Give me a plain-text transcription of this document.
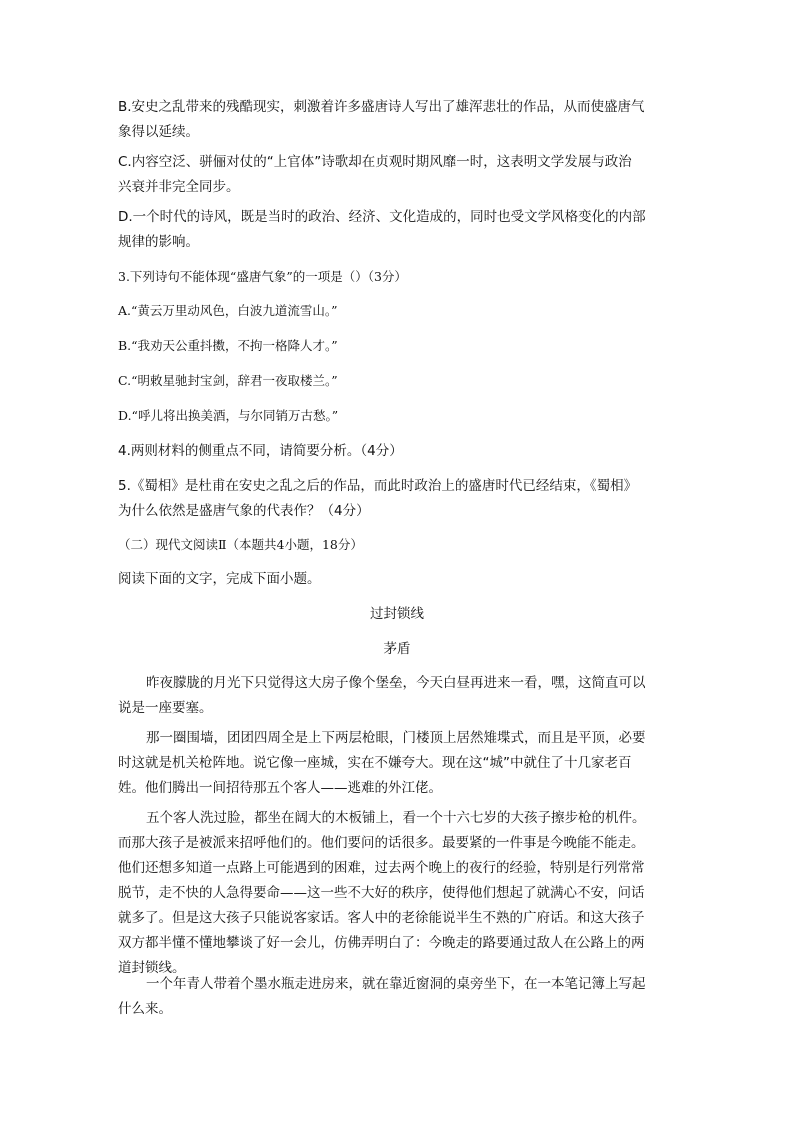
B.安史之乱带来的残酷现实，刺激着许多盛唐诗人写出了雄浑悲壮的作品，从而使盛唐气
象得以延续。
C.内容空泛、骈俪对仗的“上官体”诗歌却在贞观时期风靡一时，这表明文学发展与政治
兴衰并非完全同步。
D.一个时代的诗风，既是当时的政治、经济、文化造成的，同时也受文学风格变化的内部
规律的影响。
3.下列诗句不能体现“盛唐气象”的一项是（）（3分）
A.“黄云万里动风色，白波九道流雪山。”
B.“我劝天公重抖擞，不拘一格降人才。”
C.“明敕星驰封宝剑，辞君一夜取楼兰。”
D.“呼儿将出换美酒，与尔同销万古愁。”
4.两则材料的侧重点不同，请简要分析。（4分）
5.《蜀相》是杜甫在安史之乱之后的作品，而此时政治上的盛唐时代已经结束，《蜀相》
为什么依然是盛唐气象的代表作？（4分）
（二）现代文阅读Ⅱ（本题共4小题，18分）
阅读下面的文字，完成下面小题。
过封锁线
茅盾
昨夜朦胧的月光下只觉得这大房子像个堡垒，今天白昼再进来一看，嘿，这简直可以
说是一座要塞。
那一圈围墙，团团四周全是上下两层枪眼，门楼顶上居然雉堞式，而且是平顶，必要
时这就是机关枪阵地。说它像一座城，实在不嫌夸大。现在这“城”中就住了十几家老百
姓。他们腾出一间招待那五个客人——逃难的外江佬。
五个客人洗过脸，都坐在阔大的木板铺上，看一个十六七岁的大孩子擦步枪的机件。
而那大孩子是被派来招呼他们的。他们要问的话很多。最要紧的一件事是今晚能不能走。
他们还想多知道一点路上可能遇到的困难，过去两个晚上的夜行的经验，特别是行列常常
脱节，走不快的人急得要命——这一些不大好的秩序，使得他们想起了就满心不安，问话
就多了。但是这大孩子只能说客家话。客人中的老徐能说半生不熟的广府话。和这大孩子
双方都半懂不懂地攀谈了好一会儿，仿佛弄明白了：今晚走的路要通过敌人在公路上的两
道封锁线。
一个年青人带着个墨水瓶走进房来，就在靠近窗洞的桌旁坐下，在一本笔记簿上写起
什么来。
